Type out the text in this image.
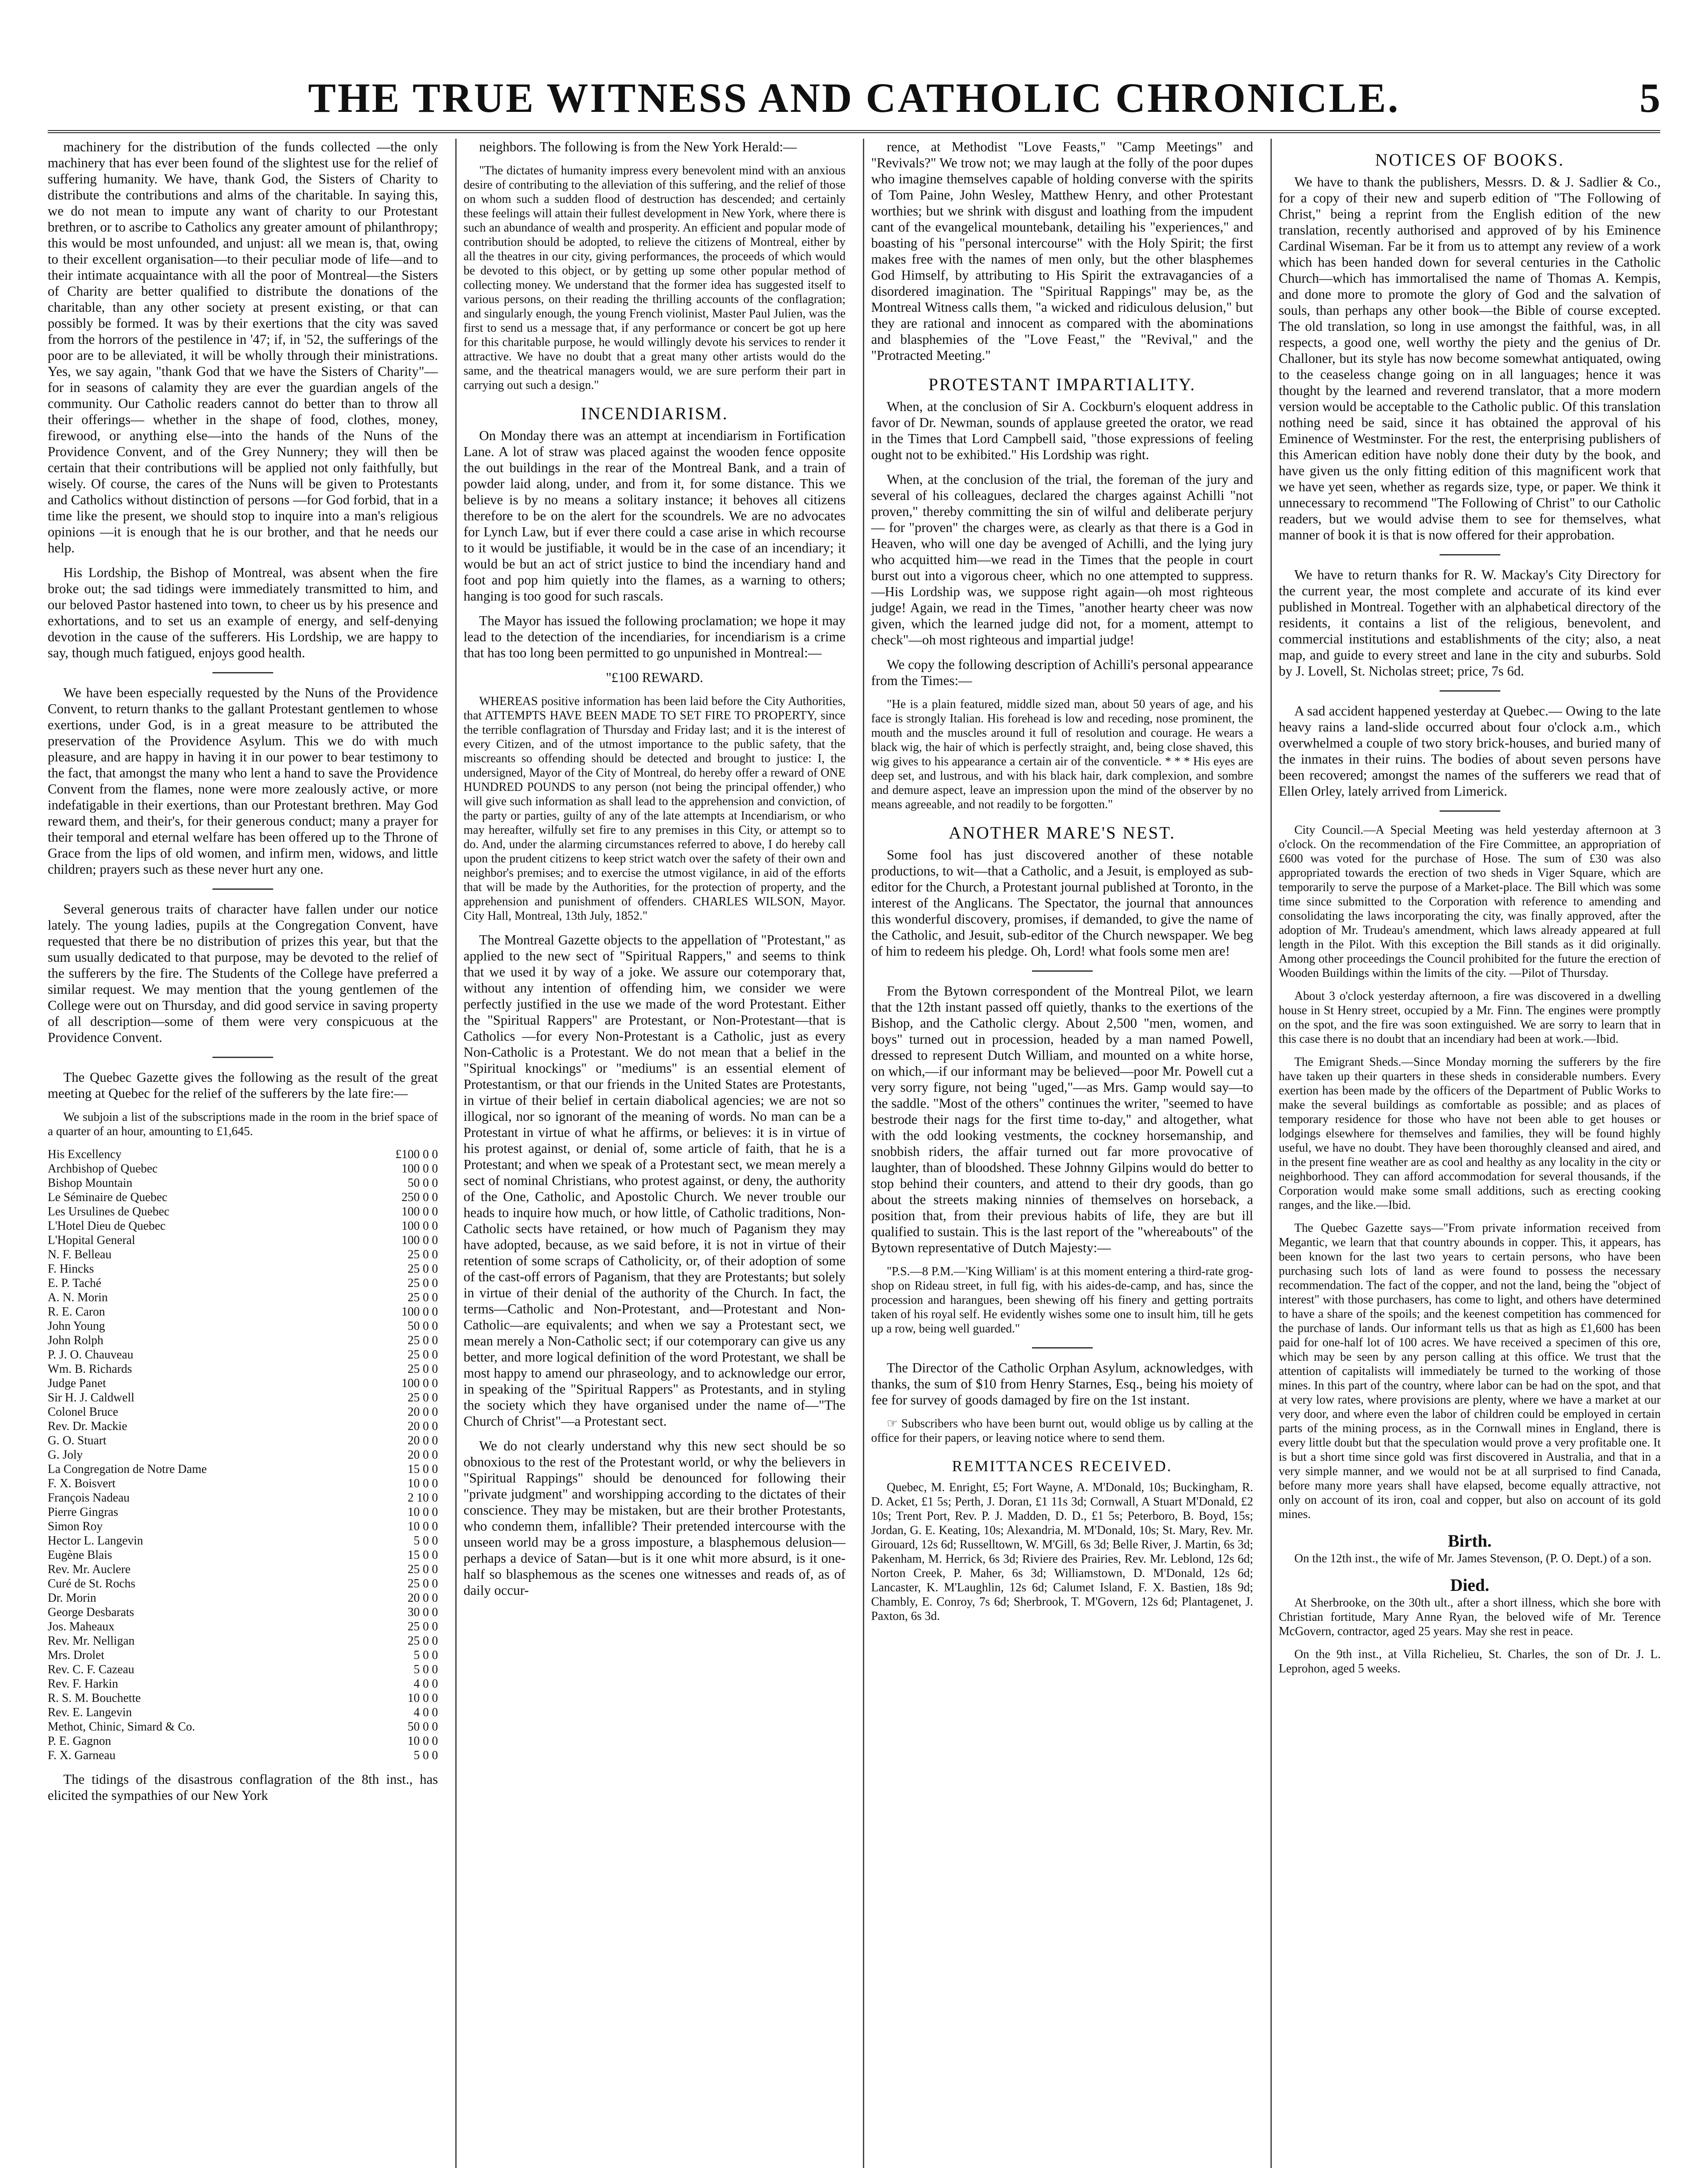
THE TRUE WITNESS AND CATHOLIC CHRONICLE.	5

machinery for the distribution of the funds collected —the only machinery that has ever been found of the slightest use for the relief of suffering humanity. We have, thank God, the Sisters of Charity to distribute the contributions and alms of the charitable. In saying this, we do not mean to impute any want of charity to our Protestant brethren, or to ascribe to Catholics any greater amount of philanthropy; this would be most unfounded, and unjust: all we mean is, that, owing to their excellent organisation—to their peculiar mode of life—and to their intimate acquaintance with all the poor of Montreal—the Sisters of Charity are better qualified to distribute the donations of the charitable, than any other society at present existing, or that can possibly be formed. It was by their exertions that the city was saved from the horrors of the pestilence in '47; if, in '52, the sufferings of the poor are to be alleviated, it will be wholly through their ministrations. Yes, we say again, "thank God that we have the Sisters of Charity"— for in seasons of calamity they are ever the guardian angels of the community. Our Catholic readers cannot do better than to throw all their offerings— whether in the shape of food, clothes, money, firewood, or anything else—into the hands of the Nuns of the Providence Convent, and of the Grey Nunnery; they will then be certain that their contributions will be applied not only faithfully, but wisely. Of course, the cares of the Nuns will be given to Protestants and Catholics without distinction of persons —for God forbid, that in a time like the present, we should stop to inquire into a man's religious opinions —it is enough that he is our brother, and that he needs our help.

His Lordship, the Bishop of Montreal, was absent when the fire broke out; the sad tidings were immediately transmitted to him, and our beloved Pastor hastened into town, to cheer us by his presence and exhortations, and to set us an example of energy, and self-denying devotion in the cause of the sufferers. His Lordship, we are happy to say, though much fatigued, enjoys good health.

We have been especially requested by the Nuns of the Providence Convent, to return thanks to the gallant Protestant gentlemen to whose exertions, under God, is in a great measure to be attributed the preservation of the Providence Asylum. This we do with much pleasure, and are happy in having it in our power to bear testimony to the fact, that amongst the many who lent a hand to save the Providence Convent from the flames, none were more zealously active, or more indefatigable in their exertions, than our Protestant brethren. May God reward them, and their's, for their generous conduct; many a prayer for their temporal and eternal welfare has been offered up to the Throne of Grace from the lips of old women, and infirm men, widows, and little children; prayers such as these never hurt any one.

Several generous traits of character have fallen under our notice lately. The young ladies, pupils at the Congregation Convent, have requested that there be no distribution of prizes this year, but that the sum usually dedicated to that purpose, may be devoted to the relief of the sufferers by the fire. The Students of the College have preferred a similar request. We may mention that the young gentlemen of the College were out on Thursday, and did good service in saving property of all description—some of them were very conspicuous at the Providence Convent.

The Quebec Gazette gives the following as the result of the great meeting at Quebec for the relief of the sufferers by the late fire:—

We subjoin a list of the subscriptions made in the room in the brief space of a quarter of an hour, amounting to £1,645.

His Excellency	£100 0 0
Archbishop of Quebec	100 0 0
Bishop Mountain	50 0 0
Le Séminaire de Quebec	250 0 0
Les Ursulines de Quebec	100 0 0
L'Hotel Dieu de Quebec	100 0 0
L'Hopital General	100 0 0
N. F. Belleau	25 0 0
F. Hincks	25 0 0
E. P. Taché	25 0 0
A. N. Morin	25 0 0
R. E. Caron	100 0 0
John Young	50 0 0
John Rolph	25 0 0
P. J. O. Chauveau	25 0 0
Wm. B. Richards	25 0 0
Judge Panet	100 0 0
Sir H. J. Caldwell	25 0 0
Colonel Bruce	20 0 0
Rev. Dr. Mackie	20 0 0
G. O. Stuart	20 0 0
G. Joly	20 0 0
La Congregation de Notre Dame	15 0 0
F. X. Boisvert	10 0 0
François Nadeau	2 10 0
Pierre Gingras	10 0 0
Simon Roy	10 0 0
Hector L. Langevin	5 0 0
Eugène Blais	15 0 0
Rev. Mr. Auclere	25 0 0
Curé de St. Rochs	25 0 0
Dr. Morin	20 0 0
George Desbarats	30 0 0
Jos. Maheaux	25 0 0
Rev. Mr. Nelligan	25 0 0
Mrs. Drolet	5 0 0
Rev. C. F. Cazeau	5 0 0
Rev. F. Harkin	4 0 0
R. S. M. Bouchette	10 0 0
Rev. E. Langevin	4 0 0
Methot, Chinic, Simard & Co.	50 0 0
P. E. Gagnon	10 0 0
F. X. Garneau	5 0 0

The tidings of the disastrous conflagration of the 8th inst., has elicited the sympathies of our New York

neighbors. The following is from the New York Herald:—

"The dictates of humanity impress every benevolent mind with an anxious desire of contributing to the alleviation of this suffering, and the relief of those on whom such a sudden flood of destruction has descended; and certainly these feelings will attain their fullest development in New York, where there is such an abundance of wealth and prosperity. An efficient and popular mode of contribution should be adopted, to relieve the citizens of Montreal, either by all the theatres in our city, giving performances, the proceeds of which would be devoted to this object, or by getting up some other popular method of collecting money. We understand that the former idea has suggested itself to various persons, on their reading the thrilling accounts of the conflagration; and singularly enough, the young French violinist, Master Paul Julien, was the first to send us a message that, if any performance or concert be got up here for this charitable purpose, he would willingly devote his services to render it attractive. We have no doubt that a great many other artists would do the same, and the theatrical managers would, we are sure perform their part in carrying out such a design."

INCENDIARISM.

On Monday there was an attempt at incendiarism in Fortification Lane. A lot of straw was placed against the wooden fence opposite the out buildings in the rear of the Montreal Bank, and a train of powder laid along, under, and from it, for some distance. This we believe is by no means a solitary instance; it behoves all citizens therefore to be on the alert for the scoundrels. We are no advocates for Lynch Law, but if ever there could a case arise in which recourse to it would be justifiable, it would be in the case of an incendiary; it would be but an act of strict justice to bind the incendiary hand and foot and pop him quietly into the flames, as a warning to others; hanging is too good for such rascals.

The Mayor has issued the following proclamation; we hope it may lead to the detection of the incendiaries, for incendiarism is a crime that has too long been permitted to go unpunished in Montreal:—

"£100 REWARD.

WHEREAS positive information has been laid before the City Authorities, that ATTEMPTS HAVE BEEN MADE TO SET FIRE TO PROPERTY, since the terrible conflagration of Thursday and Friday last; and it is the interest of every Citizen, and of the utmost importance to the public safety, that the miscreants so offending should be detected and brought to justice: I, the undersigned, Mayor of the City of Montreal, do hereby offer a reward of ONE HUNDRED POUNDS to any person (not being the principal offender,) who will give such information as shall lead to the apprehension and conviction, of the party or parties, guilty of any of the late attempts at Incendiarism, or who may hereafter, wilfully set fire to any premises in this City, or attempt so to do. And, under the alarming circumstances referred to above, I do hereby call upon the prudent citizens to keep strict watch over the safety of their own and neighbor's premises; and to exercise the utmost vigilance, in aid of the efforts that will be made by the Authorities, for the protection of property, and the apprehension and punishment of offenders. CHARLES WILSON, Mayor. City Hall, Montreal, 13th July, 1852."

The Montreal Gazette objects to the appellation of "Protestant," as applied to the new sect of "Spiritual Rappers," and seems to think that we used it by way of a joke. We assure our cotemporary that, without any intention of offending him, we consider we were perfectly justified in the use we made of the word Protestant. Either the "Spiritual Rappers" are Protestant, or Non-Protestant—that is Catholics —for every Non-Protestant is a Catholic, just as every Non-Catholic is a Protestant. We do not mean that a belief in the "Spiritual knockings" or "mediums" is an essential element of Protestantism, or that our friends in the United States are Protestants, in virtue of their belief in certain diabolical agencies; we are not so illogical, nor so ignorant of the meaning of words. No man can be a Protestant in virtue of what he affirms, or believes: it is in virtue of his protest against, or denial of, some article of faith, that he is a Protestant; and when we speak of a Protestant sect, we mean merely a sect of nominal Christians, who protest against, or deny, the authority of the One, Catholic, and Apostolic Church. We never trouble our heads to inquire how much, or how little, of Catholic traditions, Non-Catholic sects have retained, or how much of Paganism they may have adopted, because, as we said before, it is not in virtue of their retention of some scraps of Catholicity, or, of their adoption of some of the cast-off errors of Paganism, that they are Protestants; but solely in virtue of their denial of the authority of the Church. In fact, the terms—Catholic and Non-Protestant, and—Protestant and Non-Catholic—are equivalents; and when we say a Protestant sect, we mean merely a Non-Catholic sect; if our cotemporary can give us any better, and more logical definition of the word Protestant, we shall be most happy to amend our phraseology, and to acknowledge our error, in speaking of the "Spiritual Rappers" as Protestants, and in styling the society which they have organised under the name of—"The Church of Christ"—a Protestant sect.

We do not clearly understand why this new sect should be so obnoxious to the rest of the Protestant world, or why the believers in "Spiritual Rappings" should be denounced for following their "private judgment" and worshipping according to the dictates of their conscience. They may be mistaken, but are their brother Protestants, who condemn them, infallible? Their pretended intercourse with the unseen world may be a gross imposture, a blasphemous delusion—perhaps a device of Satan—but is it one whit more absurd, is it one-half so blasphemous as the scenes one witnesses and reads of, as of daily occur-

rence, at Methodist "Love Feasts," "Camp Meetings" and "Revivals?" We trow not; we may laugh at the folly of the poor dupes who imagine themselves capable of holding converse with the spirits of Tom Paine, John Wesley, Matthew Henry, and other Protestant worthies; but we shrink with disgust and loathing from the impudent cant of the evangelical mountebank, detailing his "experiences," and boasting of his "personal intercourse" with the Holy Spirit; the first makes free with the names of men only, but the other blasphemes God Himself, by attributing to His Spirit the extravagancies of a disordered imagination. The "Spiritual Rappings" may be, as the Montreal Witness calls them, "a wicked and ridiculous delusion," but they are rational and innocent as compared with the abominations and blasphemies of the "Love Feast," the "Revival," and the "Protracted Meeting."

PROTESTANT IMPARTIALITY.

When, at the conclusion of Sir A. Cockburn's eloquent address in favor of Dr. Newman, sounds of applause greeted the orator, we read in the Times that Lord Campbell said, "those expressions of feeling ought not to be exhibited." His Lordship was right.

When, at the conclusion of the trial, the foreman of the jury and several of his colleagues, declared the charges against Achilli "not proven," thereby committing the sin of wilful and deliberate perjury— for "proven" the charges were, as clearly as that there is a God in Heaven, who will one day be avenged of Achilli, and the lying jury who acquitted him—we read in the Times that the people in court burst out into a vigorous cheer, which no one attempted to suppress.—His Lordship was, we suppose right again—oh most righteous judge! Again, we read in the Times, "another hearty cheer was now given, which the learned judge did not, for a moment, attempt to check"—oh most righteous and impartial judge!

We copy the following description of Achilli's personal appearance from the Times:—

"He is a plain featured, middle sized man, about 50 years of age, and his face is strongly Italian. His forehead is low and receding, nose prominent, the mouth and the muscles around it full of resolution and courage. He wears a black wig, the hair of which is perfectly straight, and, being close shaved, this wig gives to his appearance a certain air of the conventicle. * * * His eyes are deep set, and lustrous, and with his black hair, dark complexion, and sombre and demure aspect, leave an impression upon the mind of the observer by no means agreeable, and not readily to be forgotten."

ANOTHER MARE'S NEST.

Some fool has just discovered another of these notable productions, to wit—that a Catholic, and a Jesuit, is employed as sub-editor for the Church, a Protestant journal published at Toronto, in the interest of the Anglicans. The Spectator, the journal that announces this wonderful discovery, promises, if demanded, to give the name of the Catholic, and Jesuit, sub-editor of the Church newspaper. We beg of him to redeem his pledge. Oh, Lord! what fools some men are!

From the Bytown correspondent of the Montreal Pilot, we learn that the 12th instant passed off quietly, thanks to the exertions of the Bishop, and the Catholic clergy. About 2,500 "men, women, and boys" turned out in procession, headed by a man named Powell, dressed to represent Dutch William, and mounted on a white horse, on which,—if our informant may be believed—poor Mr. Powell cut a very sorry figure, not being "uged,"—as Mrs. Gamp would say—to the saddle. "Most of the others" continues the writer, "seemed to have bestrode their nags for the first time to-day," and altogether, what with the odd looking vestments, the cockney horsemanship, and snobbish riders, the affair turned out far more provocative of laughter, than of bloodshed. These Johnny Gilpins would do better to stop behind their counters, and attend to their dry goods, than go about the streets making ninnies of themselves on horseback, a position that, from their previous habits of life, they are but ill qualified to sustain. This is the last report of the "whereabouts" of the Bytown representative of Dutch Majesty:—

"P.S.—8 P.M.—'King William' is at this moment entering a third-rate grog-shop on Rideau street, in full fig, with his aides-de-camp, and has, since the procession and harangues, been shewing off his finery and getting portraits taken of his royal self. He evidently wishes some one to insult him, till he gets up a row, being well guarded."

The Director of the Catholic Orphan Asylum, acknowledges, with thanks, the sum of $10 from Henry Starnes, Esq., being his moiety of fee for survey of goods damaged by fire on the 1st instant.

☞ Subscribers who have been burnt out, would oblige us by calling at the office for their papers, or leaving notice where to send them.

REMITTANCES RECEIVED.

Quebec, M. Enright, £5; Fort Wayne, A. M'Donald, 10s; Buckingham, R. D. Acket, £1 5s; Perth, J. Doran, £1 11s 3d; Cornwall, A Stuart M'Donald, £2 10s; Trent Port, Rev. P. J. Madden, D. D., £1 5s; Peterboro, B. Boyd, 15s; Jordan, G. E. Keating, 10s; Alexandria, M. M'Donald, 10s; St. Mary, Rev. Mr. Girouard, 12s 6d; Russelltown, W. M'Gill, 6s 3d; Belle River, J. Martin, 6s 3d; Pakenham, M. Herrick, 6s 3d; Riviere des Prairies, Rev. Mr. Leblond, 12s 6d; Norton Creek, P. Maher, 6s 3d; Williamstown, D. M'Donald, 12s 6d; Lancaster, K. M'Laughlin, 12s 6d; Calumet Island, F. X. Bastien, 18s 9d; Chambly, E. Conroy, 7s 6d; Sherbrook, T. M'Govern, 12s 6d; Plantagenet, J. Paxton, 6s 3d.

NOTICES OF BOOKS.

We have to thank the publishers, Messrs. D. & J. Sadlier & Co., for a copy of their new and superb edition of "The Following of Christ," being a reprint from the English edition of the new translation, recently authorised and approved of by his Eminence Cardinal Wiseman. Far be it from us to attempt any review of a work which has been handed down for several centuries in the Catholic Church—which has immortalised the name of Thomas A. Kempis, and done more to promote the glory of God and the salvation of souls, than perhaps any other book—the Bible of course excepted. The old translation, so long in use amongst the faithful, was, in all respects, a good one, well worthy the piety and the genius of Dr. Challoner, but its style has now become somewhat antiquated, owing to the ceaseless change going on in all languages; hence it was thought by the learned and reverend translator, that a more modern version would be acceptable to the Catholic public. Of this translation nothing need be said, since it has obtained the approval of his Eminence of Westminster. For the rest, the enterprising publishers of this American edition have nobly done their duty by the book, and have given us the only fitting edition of this magnificent work that we have yet seen, whether as regards size, type, or paper. We think it unnecessary to recommend "The Following of Christ" to our Catholic readers, but we would advise them to see for themselves, what manner of book it is that is now offered for their approbation.

We have to return thanks for R. W. Mackay's City Directory for the current year, the most complete and accurate of its kind ever published in Montreal. Together with an alphabetical directory of the residents, it contains a list of the religious, benevolent, and commercial institutions and establishments of the city; also, a neat map, and guide to every street and lane in the city and suburbs. Sold by J. Lovell, St. Nicholas street; price, 7s 6d.

A sad accident happened yesterday at Quebec.— Owing to the late heavy rains a land-slide occurred about four o'clock a.m., which overwhelmed a couple of two story brick-houses, and buried many of the inmates in their ruins. The bodies of about seven persons have been recovered; amongst the names of the sufferers we read that of Ellen Orley, lately arrived from Limerick.

City Council.—A Special Meeting was held yesterday afternoon at 3 o'clock. On the recommendation of the Fire Committee, an appropriation of £600 was voted for the purchase of Hose. The sum of £30 was also appropriated towards the erection of two sheds in Viger Square, which are temporarily to serve the purpose of a Market-place. The Bill which was some time since submitted to the Corporation with reference to amending and consolidating the laws incorporating the city, was finally approved, after the adoption of Mr. Trudeau's amendment, which laws already appeared at full length in the Pilot. With this exception the Bill stands as it did originally. Among other proceedings the Council prohibited for the future the erection of Wooden Buildings within the limits of the city. —Pilot of Thursday.

About 3 o'clock yesterday afternoon, a fire was discovered in a dwelling house in St Henry street, occupied by a Mr. Finn. The engines were promptly on the spot, and the fire was soon extinguished. We are sorry to learn that in this case there is no doubt that an incendiary had been at work.—Ibid.

The Emigrant Sheds.—Since Monday morning the sufferers by the fire have taken up their quarters in these sheds in considerable numbers. Every exertion has been made by the officers of the Department of Public Works to make the several buildings as comfortable as possible; and as places of temporary residence for those who have not been able to get houses or lodgings elsewhere for themselves and families, they will be found highly useful, we have no doubt. They have been thoroughly cleansed and aired, and in the present fine weather are as cool and healthy as any locality in the city or neighborhood. They can afford accommodation for several thousands, if the Corporation would make some small additions, such as erecting cooking ranges, and the like.—Ibid.

The Quebec Gazette says—"From private information received from Megantic, we learn that that country abounds in copper. This, it appears, has been known for the last two years to certain persons, who have been purchasing such lots of land as were found to possess the necessary recommendation. The fact of the copper, and not the land, being the "object of interest" with those purchasers, has come to light, and others have determined to have a share of the spoils; and the keenest competition has commenced for the purchase of lands. Our informant tells us that as high as £1,600 has been paid for one-half lot of 100 acres. We have received a specimen of this ore, which may be seen by any person calling at this office. We trust that the attention of capitalists will immediately be turned to the working of those mines. In this part of the country, where labor can be had on the spot, and that at very low rates, where provisions are plenty, where we have a market at our very door, and where even the labor of children could be employed in certain parts of the mining process, as in the Cornwall mines in England, there is every little doubt but that the speculation would prove a very profitable one. It is but a short time since gold was first discovered in Australia, and that in a very simple manner, and we would not be at all surprised to find Canada, before many more years shall have elapsed, become equally attractive, not only on account of its iron, coal and copper, but also on account of its gold mines.

Birth.

On the 12th inst., the wife of Mr. James Stevenson, (P. O. Dept.) of a son.

Died.

At Sherbrooke, on the 30th ult., after a short illness, which she bore with Christian fortitude, Mary Anne Ryan, the beloved wife of Mr. Terence McGovern, contractor, aged 25 years. May she rest in peace.

On the 9th inst., at Villa Richelieu, St. Charles, the son of Dr. J. L. Leprohon, aged 5 weeks.
